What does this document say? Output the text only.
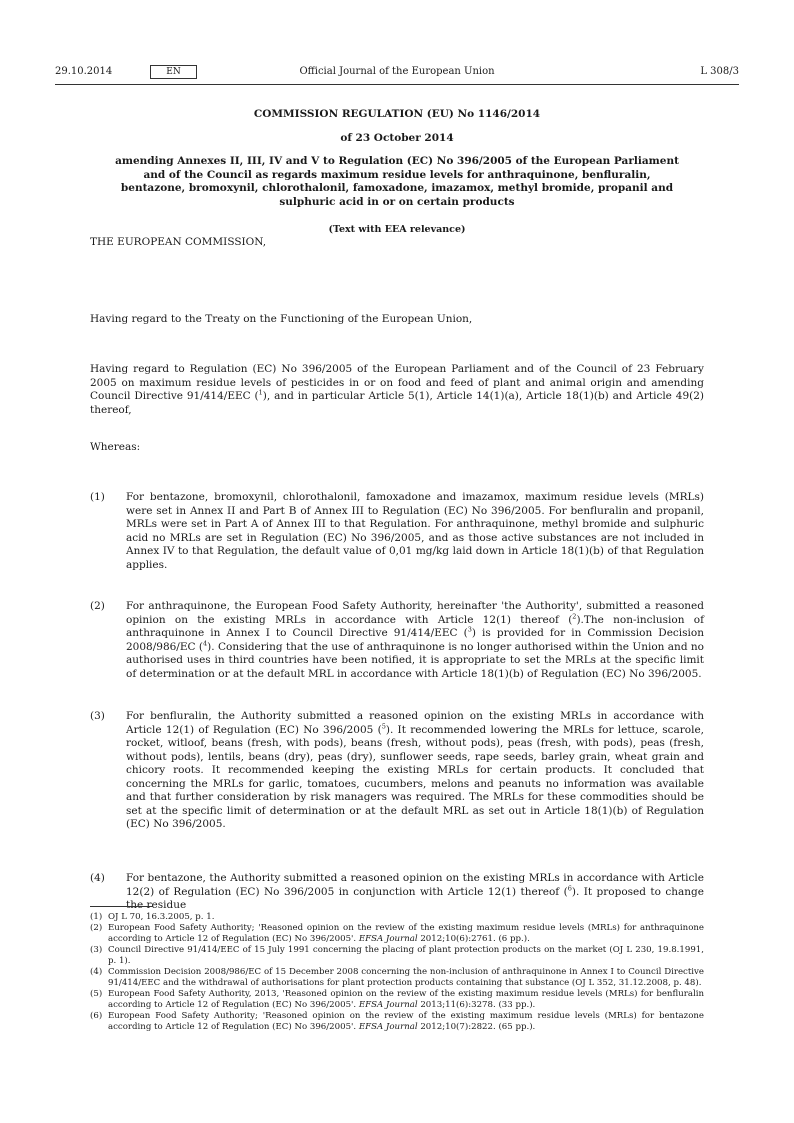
29.10.2014	EN	Official Journal of the European Union	L 308/3
COMMISSION REGULATION (EU) No 1146/2014
of 23 October 2014
amending Annexes II, III, IV and V to Regulation (EC) No 396/2005 of the European Parliament and of the Council as regards maximum residue levels for anthraquinone, benfluralin, bentazone, bromoxynil, chlorothalonil, famoxadone, imazamox, methyl bromide, propanil and sulphuric acid in or on certain products
(Text with EEA relevance)
THE EUROPEAN COMMISSION,
Having regard to the Treaty on the Functioning of the European Union,
Having regard to Regulation (EC) No 396/2005 of the European Parliament and of the Council of 23 February 2005 on maximum residue levels of pesticides in or on food and feed of plant and animal origin and amending Council Directive 91/414/EEC ($^1$), and in particular Article 5(1), Article 14(1)(a), Article 18(1)(b) and Article 49(2) thereof,
Whereas:
(1)	For bentazone, bromoxynil, chlorothalonil, famoxadone and imazamox, maximum residue levels (MRLs) were set in Annex II and Part B of Annex III to Regulation (EC) No 396/2005. For benfluralin and propanil, MRLs were set in Part A of Annex III to that Regulation. For anthraquinone, methyl bromide and sulphuric acid no MRLs are set in Regulation (EC) No 396/2005, and as those active substances are not included in Annex IV to that Regulation, the default value of 0,01 mg/kg laid down in Article 18(1)(b) of that Regulation applies.
(2)	For anthraquinone, the European Food Safety Authority, hereinafter 'the Authority', submitted a reasoned opinion on the existing MRLs in accordance with Article 12(1) thereof ($^2$).The non-inclusion of anthraquinone in Annex I to Council Directive 91/414/EEC ($^3$) is provided for in Commission Decision 2008/986/EC ($^4$). Considering that the use of anthraquinone is no longer authorised within the Union and no authorised uses in third countries have been notified, it is appropriate to set the MRLs at the specific limit of determination or at the default MRL in accordance with Article 18(1)(b) of Regulation (EC) No 396/2005.
(3)	For benfluralin, the Authority submitted a reasoned opinion on the existing MRLs in accordance with Article 12(1) of Regulation (EC) No 396/2005 ($^5$). It recommended lowering the MRLs for lettuce, scarole, rocket, witloof, beans (fresh, with pods), beans (fresh, without pods), peas (fresh, with pods), peas (fresh, without pods), lentils, beans (dry), peas (dry), sunflower seeds, rape seeds, barley grain, wheat grain and chicory roots. It recommended keeping the existing MRLs for certain products. It concluded that concerning the MRLs for garlic, tomatoes, cucumbers, melons and peanuts no information was available and that further consideration by risk managers was required. The MRLs for these commodities should be set at the specific limit of determination or at the default MRL as set out in Article 18(1)(b) of Regulation (EC) No 396/2005.
(4)	For bentazone, the Authority submitted a reasoned opinion on the existing MRLs in accordance with Article 12(2) of Regulation (EC) No 396/2005 in conjunction with Article 12(1) thereof ($^6$). It proposed to change the residue
(1) OJ L 70, 16.3.2005, p. 1.
(2) European Food Safety Authority; 'Reasoned opinion on the review of the existing maximum residue levels (MRLs) for anthraquinone according to Article 12 of Regulation (EC) No 396/2005'. EFSA Journal 2012;10(6):2761. (6 pp.).
(3) Council Directive 91/414/EEC of 15 July 1991 concerning the placing of plant protection products on the market (OJ L 230, 19.8.1991, p. 1).
(4) Commission Decision 2008/986/EC of 15 December 2008 concerning the non-inclusion of anthraquinone in Annex I to Council Directive 91/414/EEC and the withdrawal of authorisations for plant protection products containing that substance (OJ L 352, 31.12.2008, p. 48).
(5) European Food Safety Authority, 2013, 'Reasoned opinion on the review of the existing maximum residue levels (MRLs) for benfluralin according to Article 12 of Regulation (EC) No 396/2005'. EFSA Journal 2013;11(6):3278. (33 pp.).
(6) European Food Safety Authority; 'Reasoned opinion on the review of the existing maximum residue levels (MRLs) for bentazone according to Article 12 of Regulation (EC) No 396/2005'. EFSA Journal 2012;10(7):2822. (65 pp.).
